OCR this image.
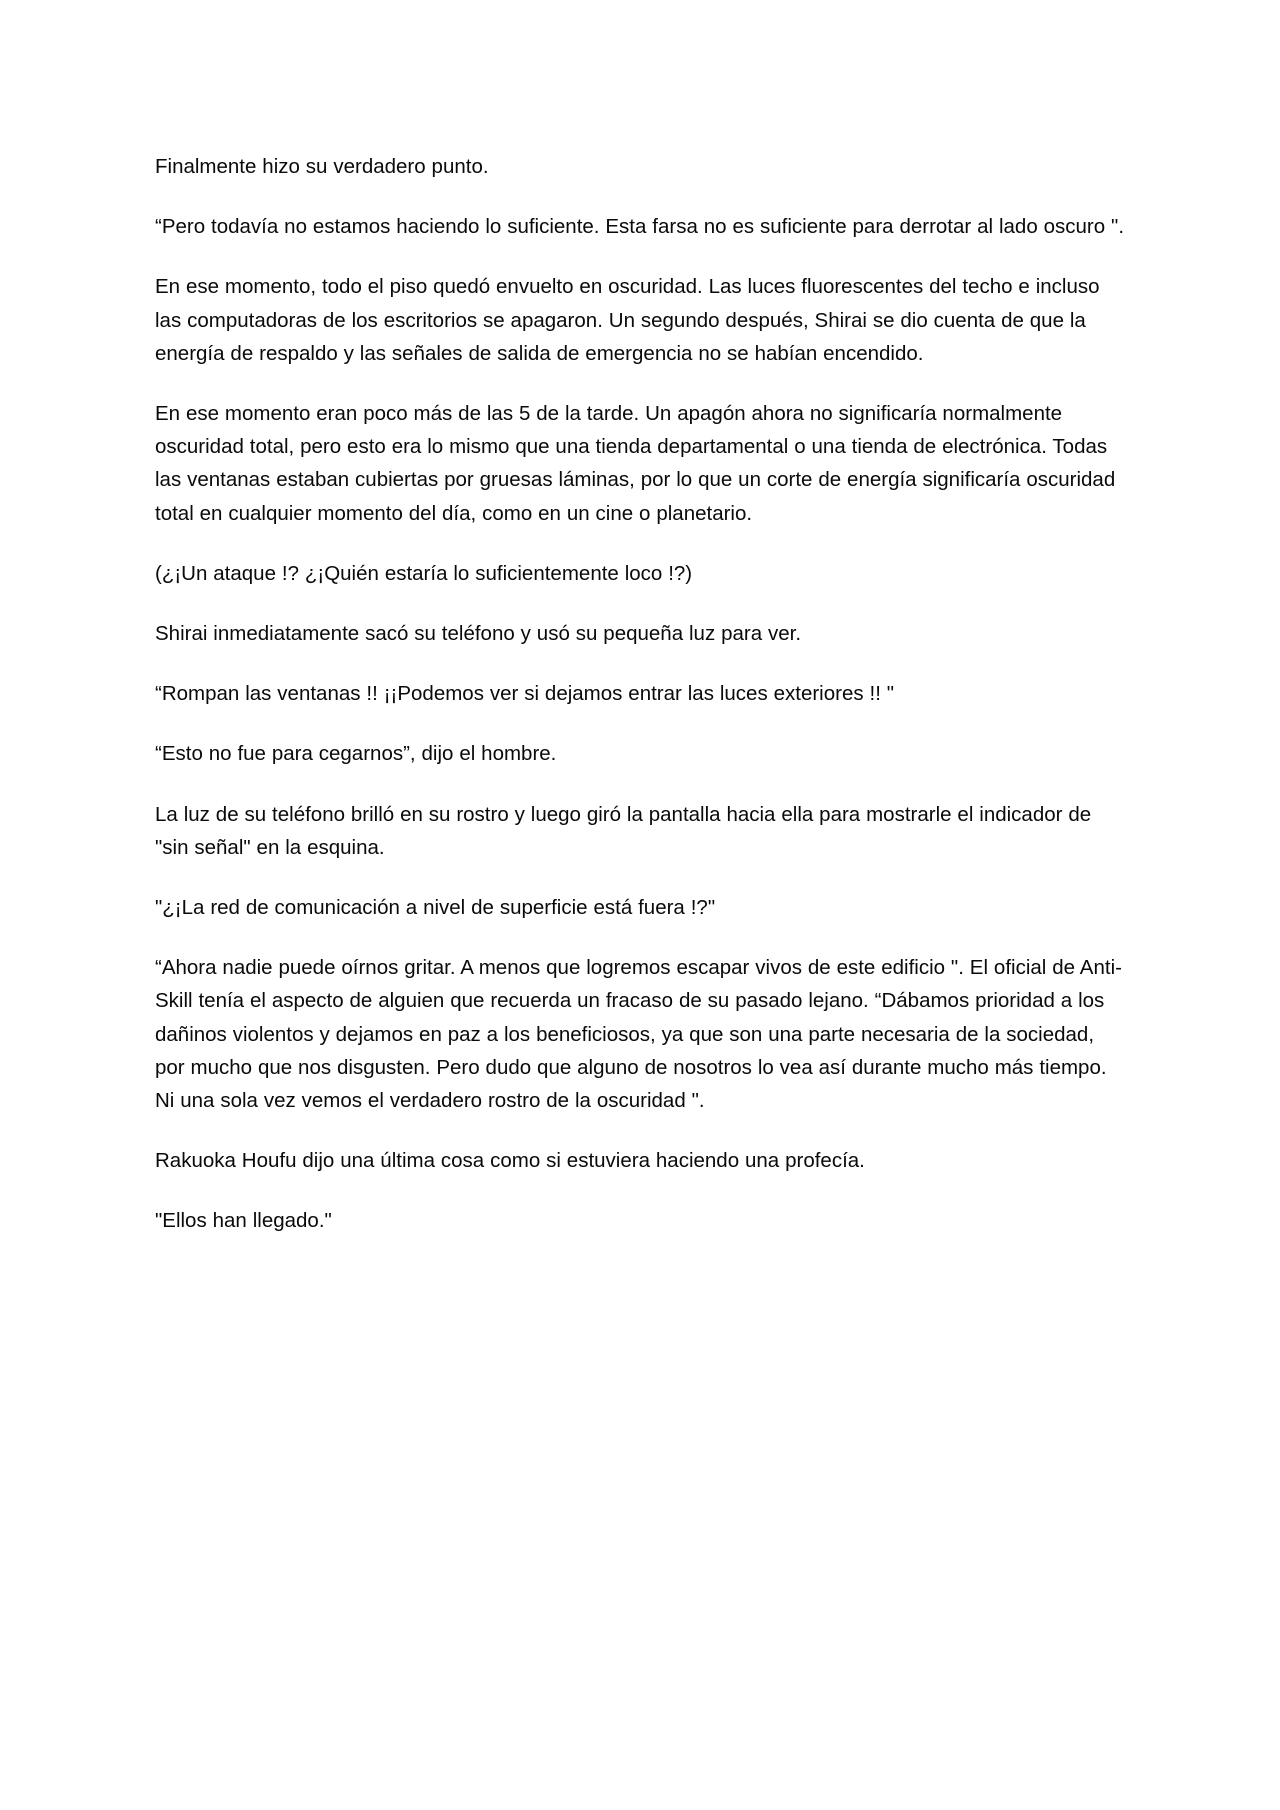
Finalmente hizo su verdadero punto.

“Pero todavía no estamos haciendo lo suficiente. Esta farsa no es suficiente para derrotar al lado oscuro ".

En ese momento, todo el piso quedó envuelto en oscuridad. Las luces fluorescentes del techo e incluso las computadoras de los escritorios se apagaron. Un segundo después, Shirai se dio cuenta de que la energía de respaldo y las señales de salida de emergencia no se habían encendido.

En ese momento eran poco más de las 5 de la tarde. Un apagón ahora no significaría normalmente oscuridad total, pero esto era lo mismo que una tienda departamental o una tienda de electrónica. Todas las ventanas estaban cubiertas por gruesas láminas, por lo que un corte de energía significaría oscuridad total en cualquier momento del día, como en un cine o planetario.

(¿¡Un ataque !? ¿¡Quién estaría lo suficientemente loco !?)

Shirai inmediatamente sacó su teléfono y usó su pequeña luz para ver.

“Rompan las ventanas !! ¡¡Podemos ver si dejamos entrar las luces exteriores !! "

“Esto no fue para cegarnos”, dijo el hombre.

La luz de su teléfono brilló en su rostro y luego giró la pantalla hacia ella para mostrarle el indicador de "sin señal" en la esquina.

"¿¡La red de comunicación a nivel de superficie está fuera !?"

“Ahora nadie puede oírnos gritar. A menos que logremos escapar vivos de este edificio ". El oficial de Anti-Skill tenía el aspecto de alguien que recuerda un fracaso de su pasado lejano. “Dábamos prioridad a los dañinos violentos y dejamos en paz a los beneficiosos, ya que son una parte necesaria de la sociedad, por mucho que nos disgusten. Pero dudo que alguno de nosotros lo vea así durante mucho más tiempo. Ni una sola vez vemos el verdadero rostro de la oscuridad ".

Rakuoka Houfu dijo una última cosa como si estuviera haciendo una profecía.

"Ellos han llegado."
